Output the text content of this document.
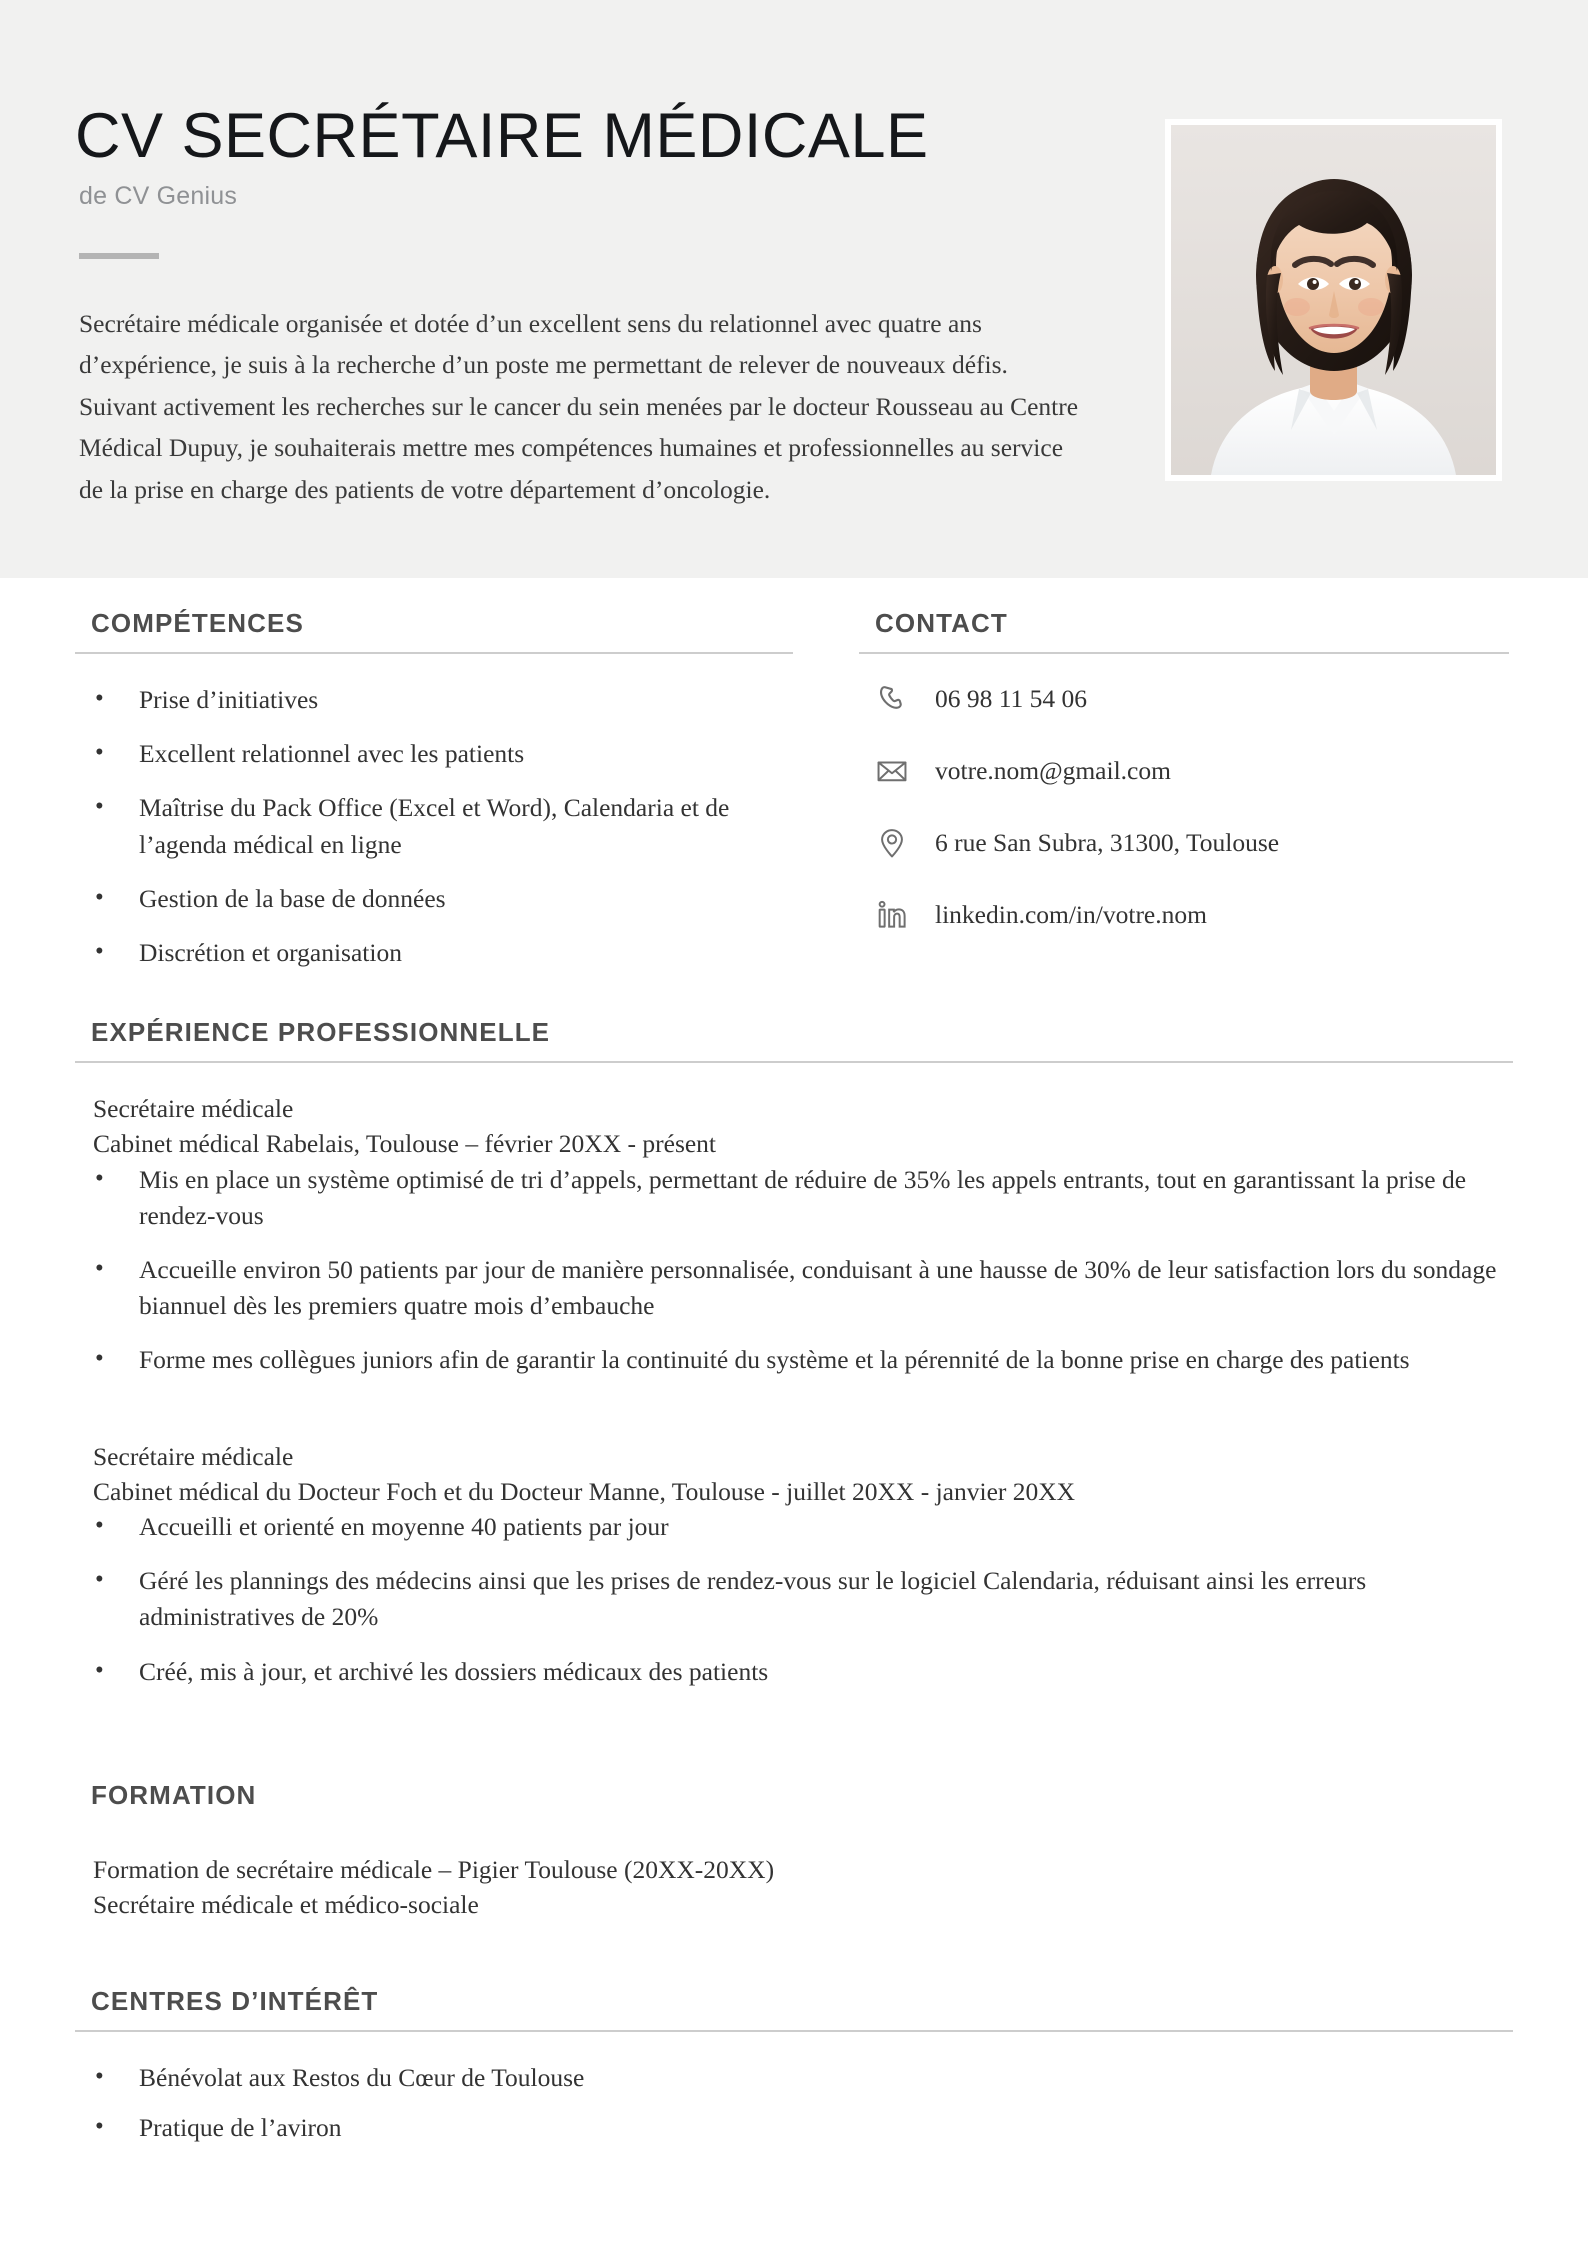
CV SECRÉTAIRE MÉDICALE
de CV Genius

Secrétaire médicale organisée et dotée d’un excellent sens du relationnel avec quatre ans d’expérience, je suis à la recherche d’un poste me permettant de relever de nouveaux défis. Suivant activement les recherches sur le cancer du sein menées par le docteur Rousseau au Centre Médical Dupuy, je souhaiterais mettre mes compétences humaines et professionnelles au service de la prise en charge des patients de votre département d’oncologie.

COMPÉTENCES
• Prise d’initiatives
• Excellent relationnel avec les patients
• Maîtrise du Pack Office (Excel et Word), Calendaria et de l’agenda médical en ligne
• Gestion de la base de données
• Discrétion et organisation
CONTACT
06 98 11 54 06
votre.nom@gmail.com
6 rue San Subra, 31300, Toulouse
linkedin.com/in/votre.nom
EXPÉRIENCE PROFESSIONNELLE

Secrétaire médicale

Cabinet médical Rabelais, Toulouse – février 20XX - présent

• Mis en place un système optimisé de tri d’appels, permettant de réduire de 35% les appels entrants, tout en garantissant la prise de rendez-vous
• Accueille environ 50 patients par jour de manière personnalisée, conduisant à une hausse de 30% de leur satisfaction lors du sondage biannuel dès les premiers quatre mois d’embauche
• Forme mes collègues juniors afin de garantir la continuité du système et la pérennité de la bonne prise en charge des patients

Secrétaire médicale

Cabinet médical du Docteur Foch et du Docteur Manne, Toulouse - juillet 20XX - janvier 20XX

• Accueilli et orienté en moyenne 40 patients par jour
• Géré les plannings des médecins ainsi que les prises de rendez-vous sur le logiciel Calendaria, réduisant ainsi les erreurs administratives de 20%
• Créé, mis à jour, et archivé les dossiers médicaux des patients
FORMATION

Formation de secrétaire médicale – Pigier Toulouse (20XX-20XX)

Secrétaire médicale et médico-sociale

CENTRES D’INTÉRÊT
• Bénévolat aux Restos du Cœur de Toulouse
• Pratique de l’aviron
